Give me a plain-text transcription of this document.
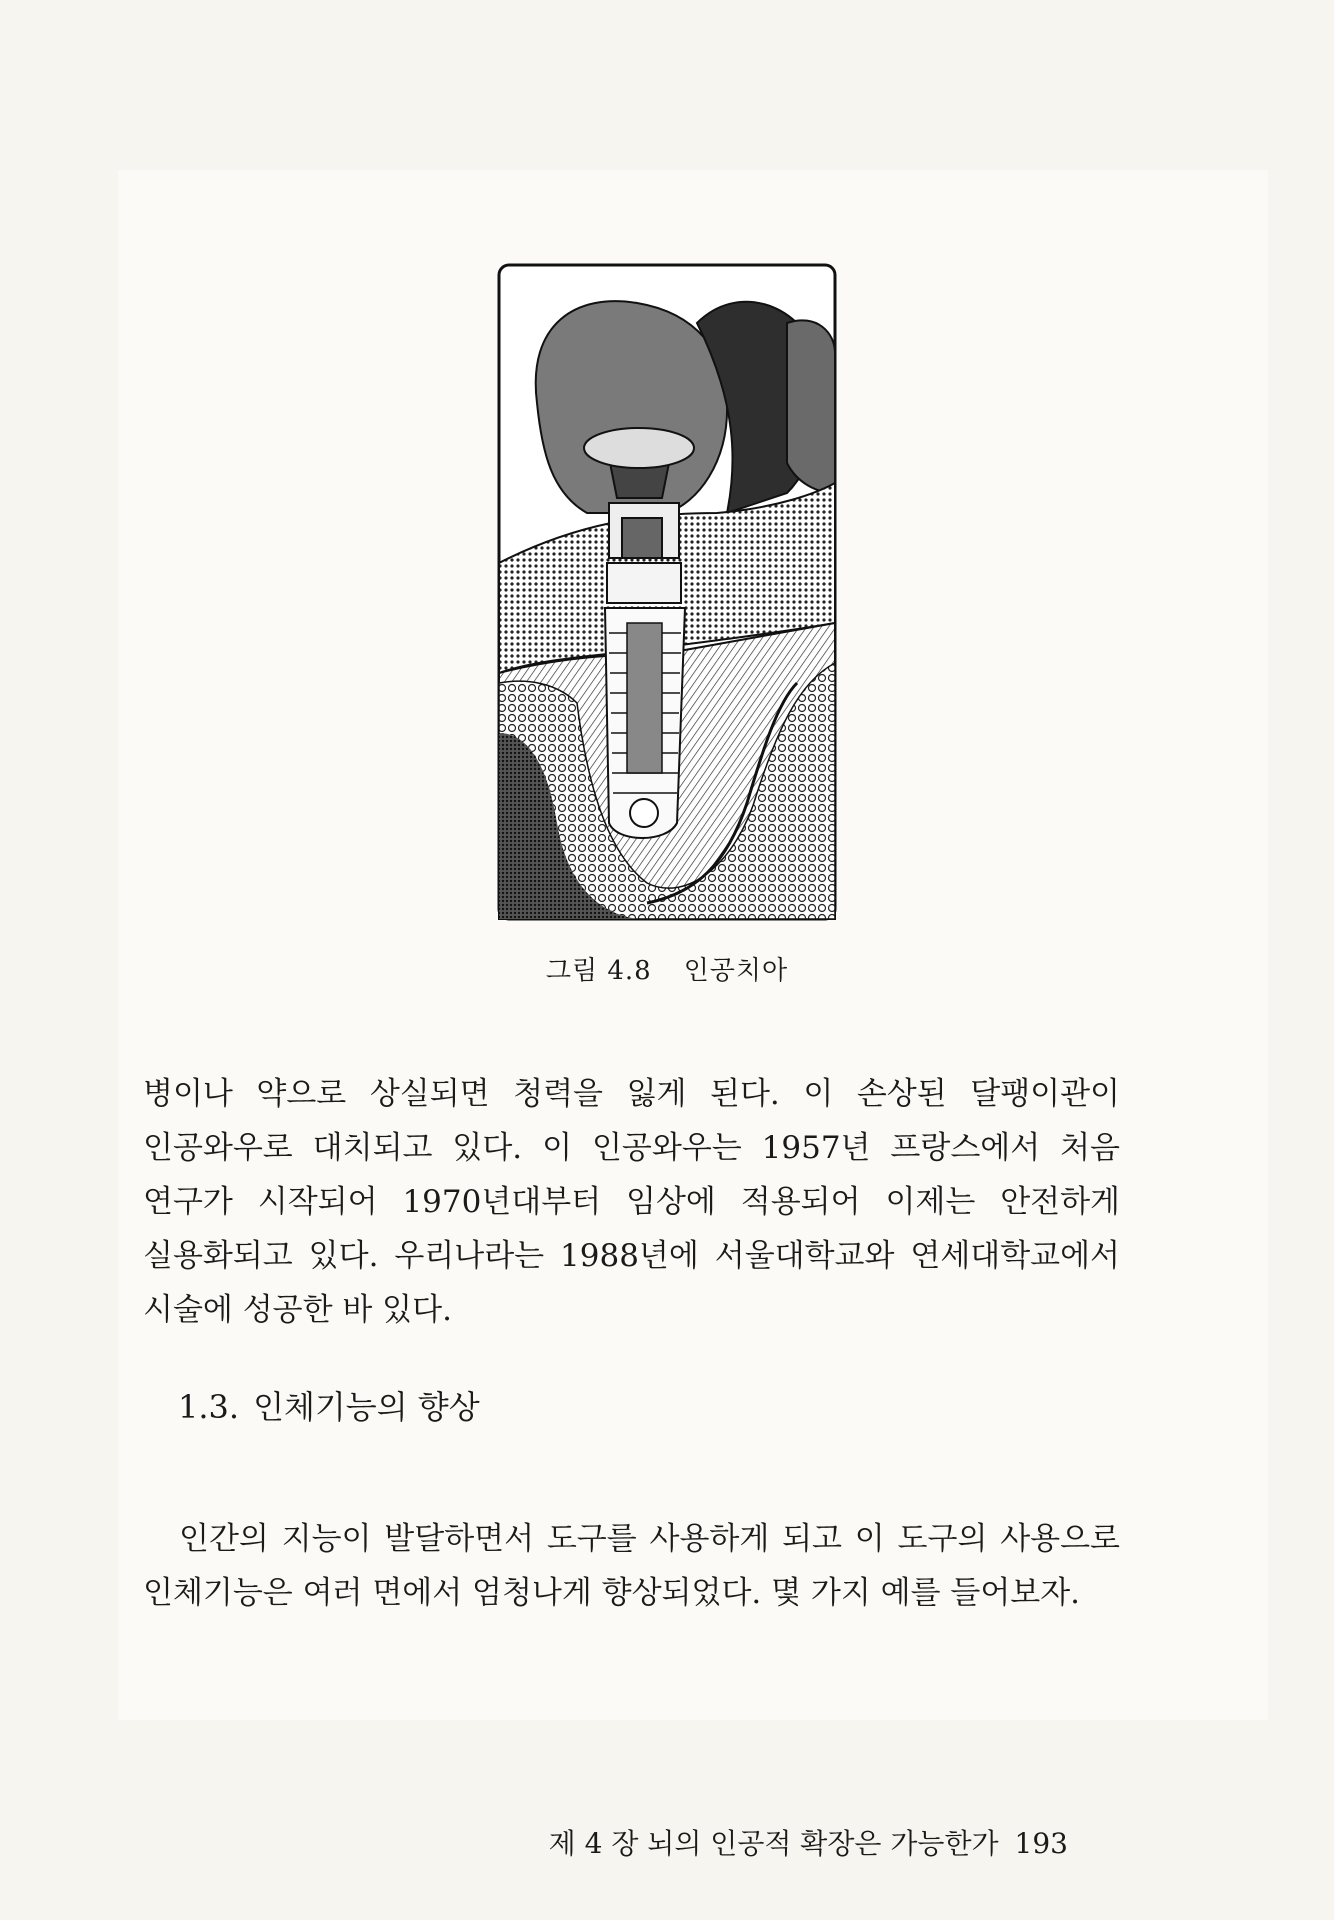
그림 4.8 인공치아

병이나 약으로 상실되면 청력을 잃게 된다. 이 손상된 달팽이관이 인공와우로 대치되고 있다. 이 인공와우는 1957년 프랑스에서 처음 연구가 시작되어 1970년대부터 임상에 적용되어 이제는 안전하게 실용화되고 있다. 우리나라는 1988년에 서울대학교와 연세대학교에서 시술에 성공한 바 있다.

1.3. 인체기능의 향상

인간의 지능이 발달하면서 도구를 사용하게 되고 이 도구의 사용으로 인체기능은 여러 면에서 엄청나게 향상되었다. 몇 가지 예를 들어보자.

제 4 장 뇌의 인공적 확장은 가능한가 193
